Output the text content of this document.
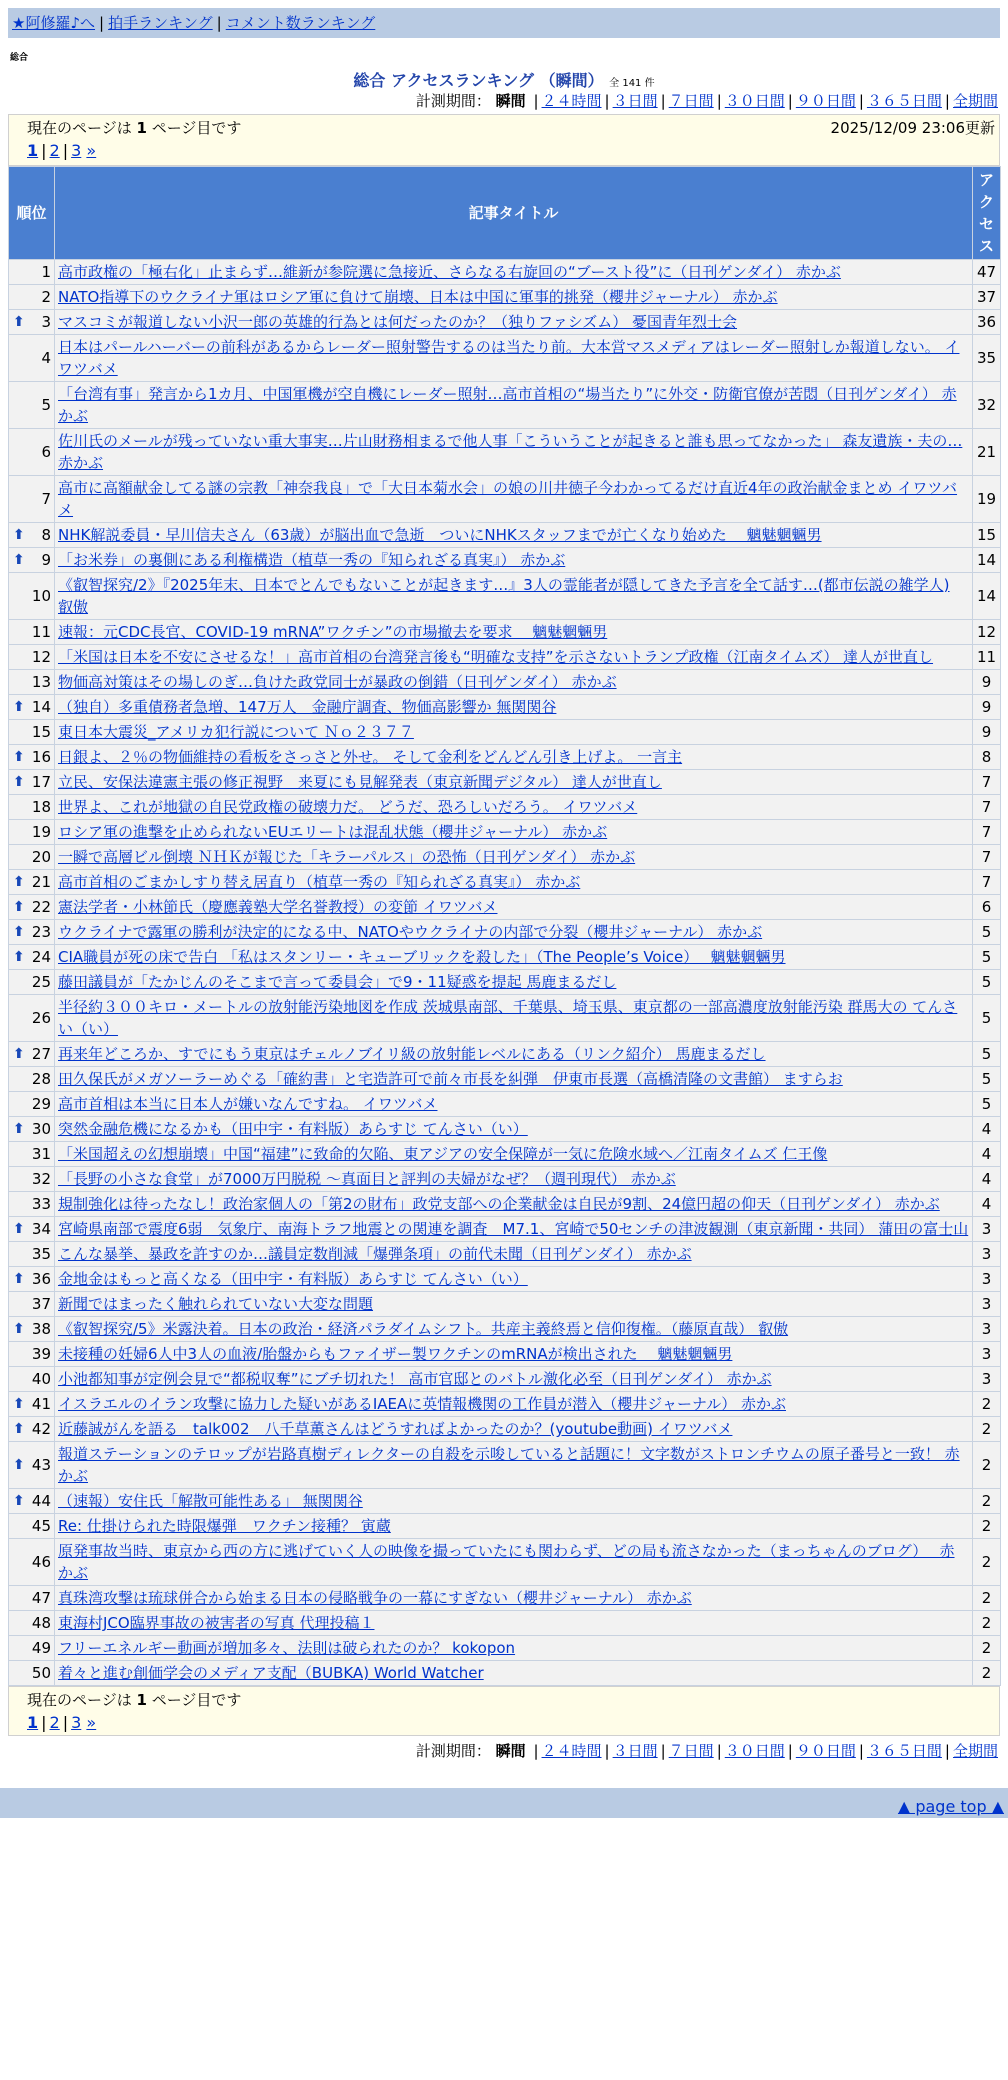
★阿修羅♪へ | 拍手ランキング | コメント数ランキング
総合
総合 アクセスランキング （瞬間） 全 141 件
計測期間： 瞬間 | ２４時間 | ３日間 | ７日間 | ３０日間 | ９０日間 | ３６５日間 | 全期間
現在のページは 1 ページ目です	2025/12/09 23:06更新
1 | 2 | 3 »
順位	記事タイトル	アクセス
1	高市政権の「極右化」止まらず…維新が参院選に急接近、さらなる右旋回の“ブースト役”に（日刊ゲンダイ） 赤かぶ	47
2	NATO指導下のウクライナ軍はロシア軍に負けて崩壊、日本は中国に軍事的挑発（櫻井ジャーナル） 赤かぶ	37

⬆ 3	マスコミが報道しない小沢一郎の英雄的行為とは何だったのか？（独りファシズム） 憂国青年烈士会	36
4	日本はパールハーバーの前科があるからレーダー照射警告するのは当たり前。大本営マスメディアはレーダー照射しか報道しない。 イワツバメ	35
5	「台湾有事」発言から1カ月、中国軍機が空自機にレーダー照射…高市首相の“場当たり”に外交・防衛官僚が苦悶（日刊ゲンダイ） 赤かぶ	32
6	佐川氏のメールが残っていない重大事実…片山財務相まるで他人事「こういうことが起きると誰も思ってなかった」 森友遺族・夫の… 赤かぶ	21
7	高市に高額献金してる謎の宗教「神奈我良」で「大日本菊水会」の娘の川井徳子今わかってるだけ直近4年の政治献金まとめ イワツバメ	19

⬆ 8	NHK解説委員・早川信夫さん（63歳）が脳出血で急逝　ついにNHKスタッフまでが亡くなり始めた　 魑魅魍魎男	15

⬆ 9	「お米券」の裏側にある利権構造（植草一秀の『知られざる真実』） 赤かぶ	14
10	《叡智探究/2》『2025年末、日本でとんでもないことが起きます…』3人の霊能者が隠してきた予言を全て話す…(都市伝説の雑学人) 叡傲	14
11	速報：元CDC長官、COVID-19 mRNA”ワクチン”の市場撤去を要求　 魑魅魍魎男	12
12	「米国は日本を不安にさせるな！」高市首相の台湾発言後も“明確な支持”を示さないトランプ政権（江南タイムズ） 達人が世直し	11
13	物価高対策はその場しのぎ…負けた政党同士が暴政の倒錯（日刊ゲンダイ） 赤かぶ	9

⬆ 14	（独自）多重債務者急増、147万人　金融庁調査、物価高影響か 無関関谷	9
15	東日本大震災_アメリカ犯行説について Ｎｏ２３７７	9

⬆ 16	日銀よ、２％の物価維持の看板をさっさと外せ。 そして金利をどんどん引き上げよ。 一言主	8

⬆ 17	立民、安保法違憲主張の修正視野　来夏にも見解発表（東京新聞デジタル） 達人が世直し	7
18	世界よ、これが地獄の自民党政権の破壊力だ。 どうだ、恐ろしいだろう。 イワツバメ	7
19	ロシア軍の進撃を止められないEUエリートは混乱状態（櫻井ジャーナル） 赤かぶ	7
20	一瞬で高層ビル倒壊 ＮＨＫが報じた「キラーパルス」の恐怖（日刊ゲンダイ） 赤かぶ	7

⬆ 21	高市首相のごまかしすり替え居直り（植草一秀の『知られざる真実』） 赤かぶ	7

⬆ 22	憲法学者・小林節氏（慶應義塾大学名誉教授）の変節 イワツバメ	6

⬆ 23	ウクライナで露軍の勝利が決定的になる中、NATOやウクライナの内部で分裂（櫻井ジャーナル） 赤かぶ	5

⬆ 24	CIA職員が死の床で告白 「私はスタンリー・キューブリックを殺した」（The People’s Voice）　 魑魅魍魎男	5
25	藤田議員が「たかじんのそこまで言って委員会」で9・11疑惑を提起 馬鹿まるだし	5
26	半径約３００キロ・メートルの放射能汚染地図を作成 茨城県南部、千葉県、埼玉県、東京都の一部高濃度放射能汚染 群馬大の てんさい（い）	5

⬆ 27	再来年どころか、すでにもう東京はチェルノブイリ級の放射能レベルにある（リンク紹介） 馬鹿まるだし	5
28	田久保氏がメガソーラーめぐる「確約書」と宅造許可で前々市長を糾弾　伊東市長選（高橋清隆の文書館） ますらお	5
29	高市首相は本当に日本人が嫌いなんですね。 イワツバメ	5

⬆ 30	突然金融危機になるかも（田中宇・有料版）あらすじ てんさい（い）	4
31	「米国超えの幻想崩壊」中国“福建”に致命的欠陥、東アジアの安全保障が一気に危険水域へ／江南タイムズ 仁王像	4
32	「長野の小さな食堂」が7000万円脱税 ～真面目と評判の夫婦がなぜ？（週刊現代） 赤かぶ	4
33	規制強化は待ったなし！政治家個人の「第2の財布」政党支部への企業献金は自民が9割、24億円超の仰天（日刊ゲンダイ） 赤かぶ	4

⬆ 34	宮崎県南部で震度6弱　気象庁、南海トラフ地震との関連を調査　M7.1、宮崎で50センチの津波観測（東京新聞・共同） 蒲田の富士山	3
35	こんな暴挙、暴政を許すのか…議員定数削減「爆弾条項」の前代未聞（日刊ゲンダイ） 赤かぶ	3

⬆ 36	金地金はもっと高くなる（田中宇・有料版）あらすじ てんさい（い）	3
37	新聞ではまったく触れられていない大変な問題	3

⬆ 38	《叡智探究/5》米露決着。日本の政治・経済パラダイムシフト。共産主義終焉と信仰復権。（藤原直哉） 叡傲	3
39	未接種の妊婦6人中3人の血液/胎盤からもファイザー製ワクチンのmRNAが検出された　 魑魅魍魎男	3
40	小池都知事が定例会見で“都税収奪”にブチ切れた！ 高市官邸とのバトル激化必至（日刊ゲンダイ） 赤かぶ	3

⬆ 41	イスラエルのイラン攻撃に協力した疑いがあるIAEAに英情報機関の工作員が潜入（櫻井ジャーナル） 赤かぶ	2

⬆ 42	近藤誠がんを語る　talk002　八千草薫さんはどうすればよかったのか？(youtube動画) イワツバメ	2

⬆ 43	報道ステーションのテロップが岩路真樹ディレクターの自殺を示唆していると話題に！文字数がストロンチウムの原子番号と一致！ 赤かぶ	2

⬆ 44	（速報）安住氏「解散可能性ある」 無関関谷	2
45	Re: 仕掛けられた時限爆弾　ワクチン接種？ 寅蔵	2
46	原発事故当時、東京から西の方に逃げていく人の映像を撮っていたにも関わらず、どの局も流さなかった（まっちゃんのブログ）　 赤かぶ	2
47	真珠湾攻撃は琉球併合から始まる日本の侵略戦争の一幕にすぎない（櫻井ジャーナル） 赤かぶ	2
48	東海村JCO臨界事故の被害者の写真 代理投稿１	2
49	フリーエネルギー動画が増加多々、法則は破られたのか？ kokopon	2
50	着々と進む創価学会のメディア支配（BUBKA) World Watcher	2
現在のページは 1 ページ目です
1 | 2 | 3 »
計測期間： 瞬間 | ２４時間 | ３日間 | ７日間 | ３０日間 | ９０日間 | ３６５日間 | 全期間
▲ page top ▲
